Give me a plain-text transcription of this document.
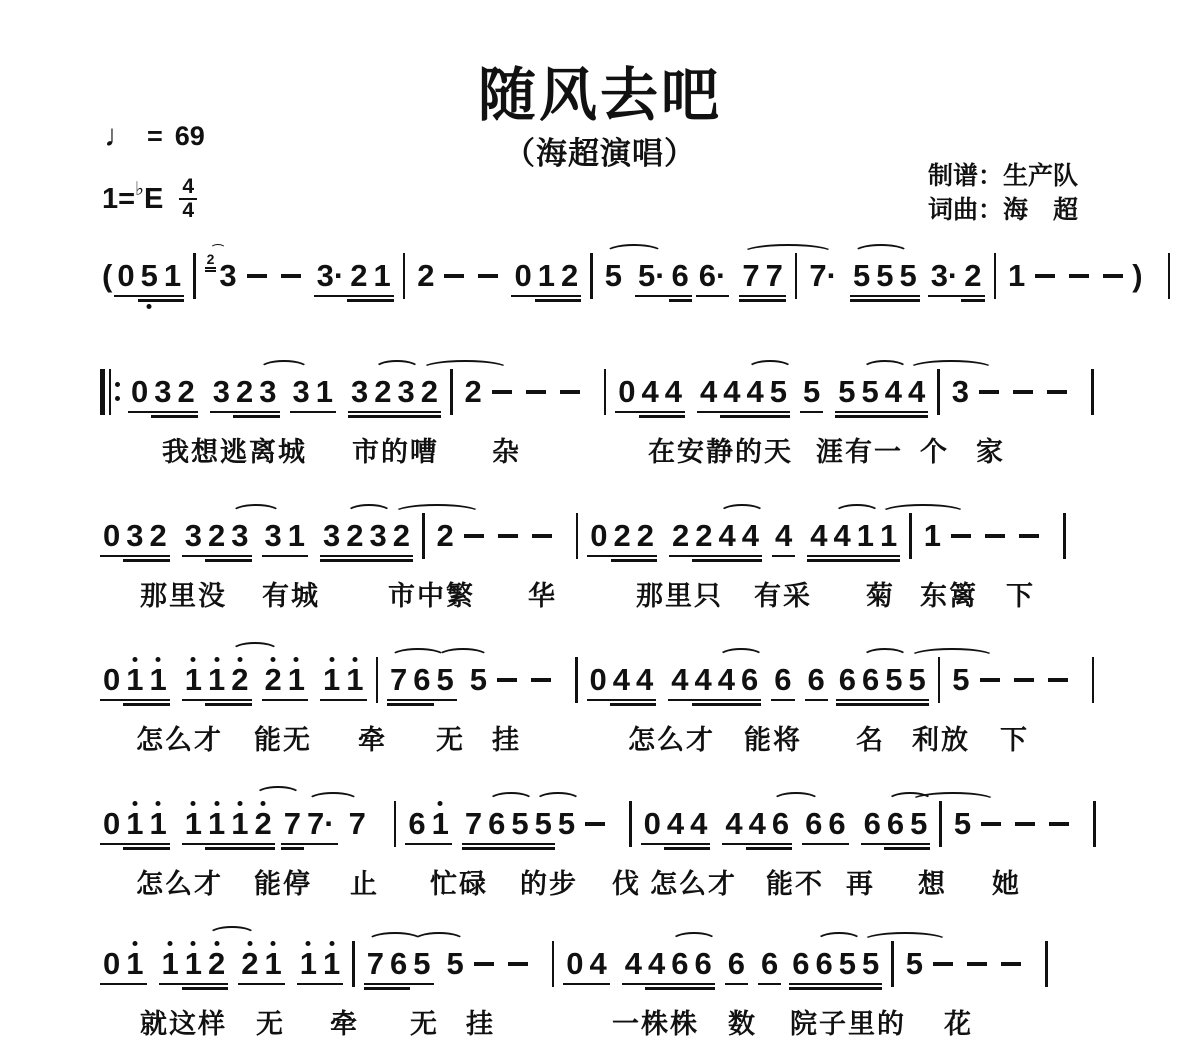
随风去吧
（海超演唱）
♩ = 69
1= ♭ E $\frac{4}{4}$	制谱：生产队
词曲：海　超
( 0 5 1 2 3	3· 2 1 2	0 1 2 5 5· 6 6· 7 7 7· 5 5 5 3· 2 1	)
0 3 2 3 2 3 3 1 3 2 3 2 2	0 4 4 4 4 4 5 5 5 5 4 4 3
我想逃离城 市的嘈 杂	在安静的天 涯有一 个 家
0 3 2 3 2 3 3 1 3 2 3 2 2	0 2 2 2 2 4 4 4 4 4 1 1 1
那里没 有城	市中繁 华	那里只 有采 菊 东篱 下
0 1 1 1 1 2 2 1 1 1 7 6 5 5	0 4 4 4 4 4 6 6 6 6 6 5 5 5
怎么才 能无 牵 无 挂	怎么才 能将 名 利放 下
0 1 1 1 1 1 2 7 7· 7 6 1 7 6 5 5 5 0 4 4 4 4 6 6 6 6 6 5 5
怎么才 能停 止 忙碌 的步 伐 怎么才 能不 再 想 她
0 1 1 1 2 2 1 1 1 7 6 5 5	0 4 4 4 6 6 6 6 6 6 5 5 5
就这样 无 牵 无 挂	一株株 数 院子里的 花
